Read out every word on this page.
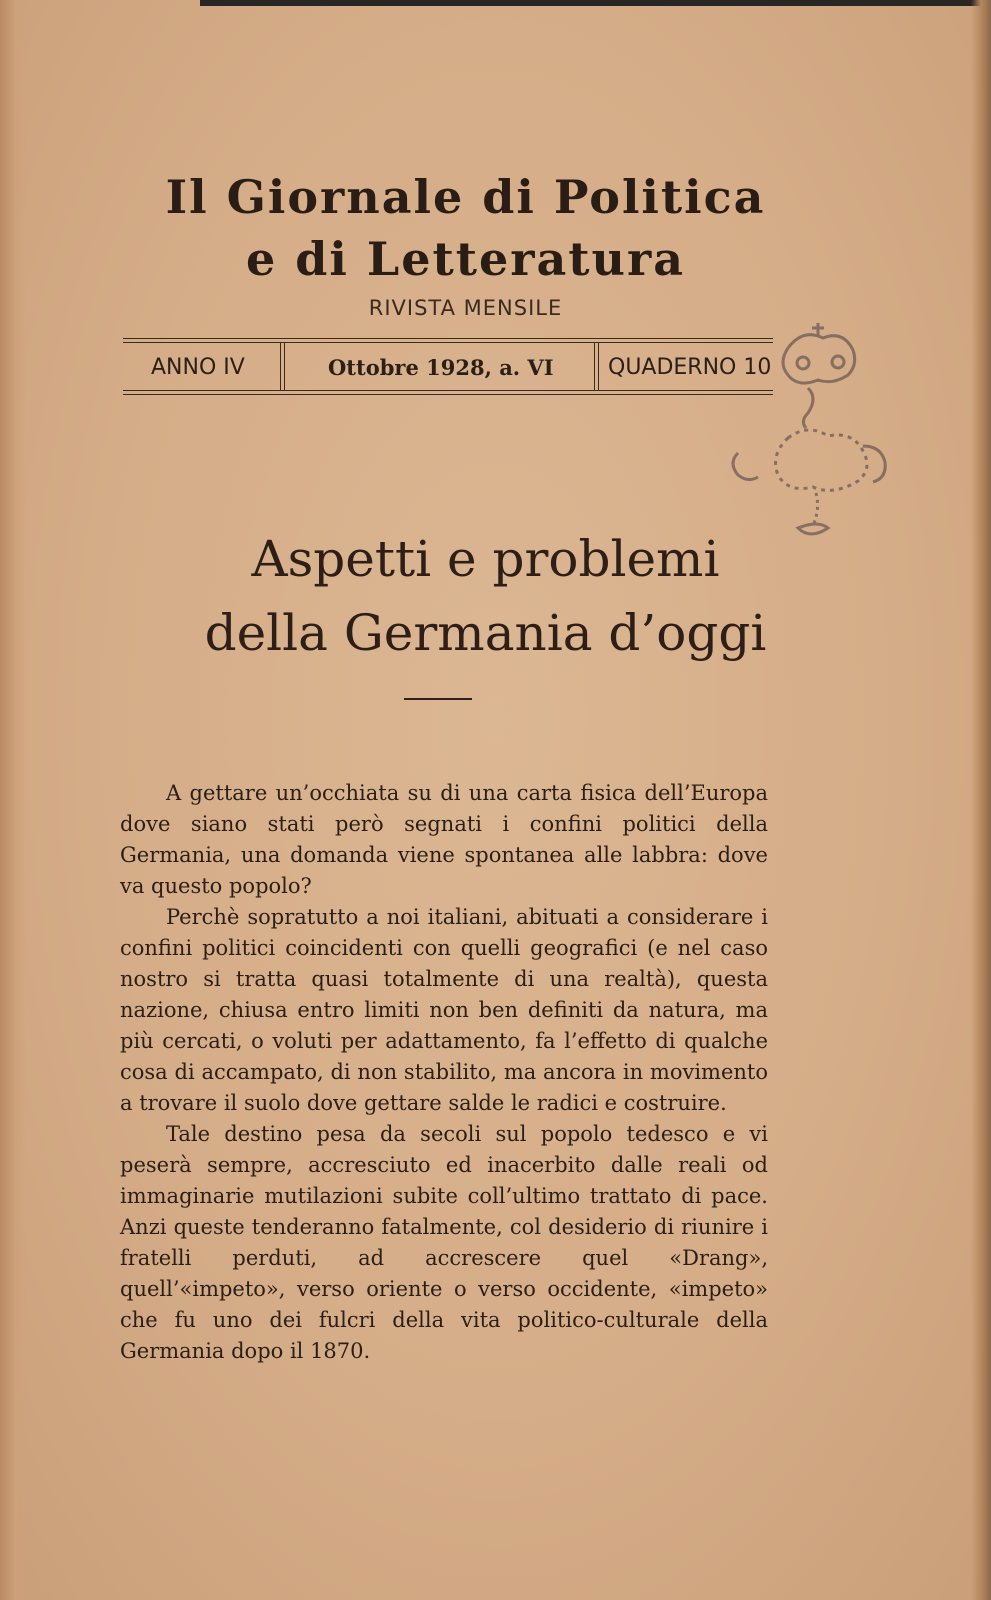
Il Giornale di Politica
e di Letteratura
RIVISTA MENSILE
ANNO IV	Ottobre 1928, a. VI QUADERNO 10
Aspetti e problemi
della Germania d’oggi

A gettare un’occhiata su di una carta fisica dell’Europa dove siano stati però segnati i confini politici della Germania, una domanda viene spontanea alle labbra: dove va questo popolo?

Perchè sopratutto a noi italiani, abituati a considerare i confini politici coincidenti con quelli geografici (e nel caso nostro si tratta quasi totalmente di una realtà), questa nazione, chiusa entro limiti non ben definiti da natura, ma più cercati, o voluti per adattamento, fa l’effetto di qualche cosa di accampato, di non stabilito, ma ancora in movimento a trovare il suolo dove gettare salde le radici e costruire.

Tale destino pesa da secoli sul popolo tedesco e vi peserà sempre, accresciuto ed inacerbito dalle reali od immaginarie mutilazioni subite coll’ultimo trattato di pace. Anzi queste tenderanno fatalmente, col desiderio di riunire i fratelli perduti, ad accrescere quel «Drang», quell’«impeto», verso oriente o verso occidente, «impeto» che fu uno dei fulcri della vita politico-culturale della Germania dopo il 1870.
